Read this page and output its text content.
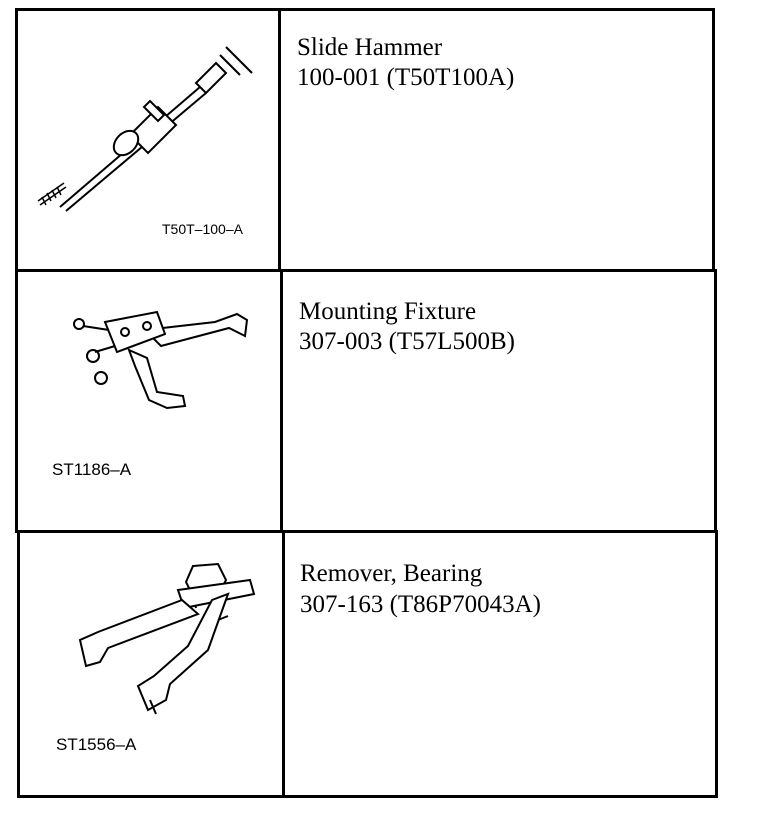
T50T–100–A
Slide Hammer
100-001 (T50T100A)
ST1186–A
Mounting Fixture
307-003 (T57L500B)
ST1556–A
Remover, Bearing
307-163 (T86P70043A)
